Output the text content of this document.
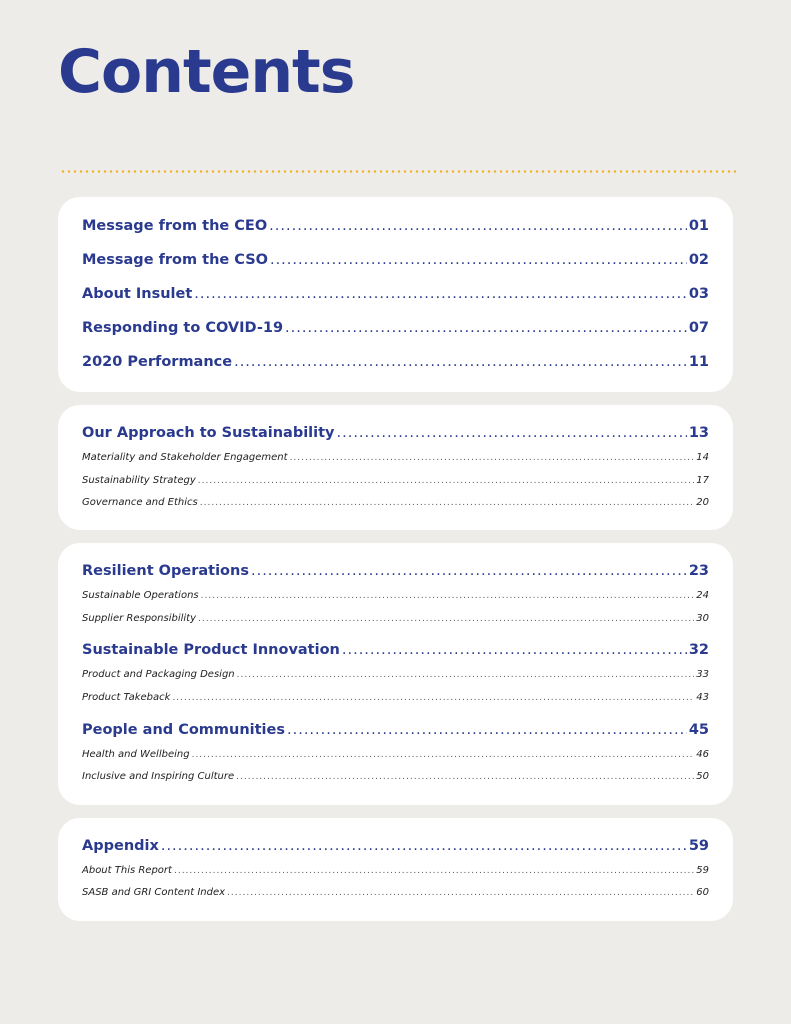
Contents
Message from the CEO .....	01
Message from the CSO .....	02
About Insulet .....	03
Responding to COVID-19 .....	07
2020 Performance .....	11
Our Approach to Sustainability .....	13
Materiality and Stakeholder Engagement .....	14
Sustainability Strategy .....	17
Governance and Ethics .....	20
Resilient Operations .....	23
Sustainable Operations .....	24
Supplier Responsibility .....	30
Sustainable Product Innovation .....	32
Product and Packaging Design .....	33
Product Takeback .....	43
People and Communities .....	45
Health and Wellbeing .....	46
Inclusive and Inspiring Culture .....	50
Appendix .....	59
About This Report .....	59
SASB and GRI Content Index .....	60
